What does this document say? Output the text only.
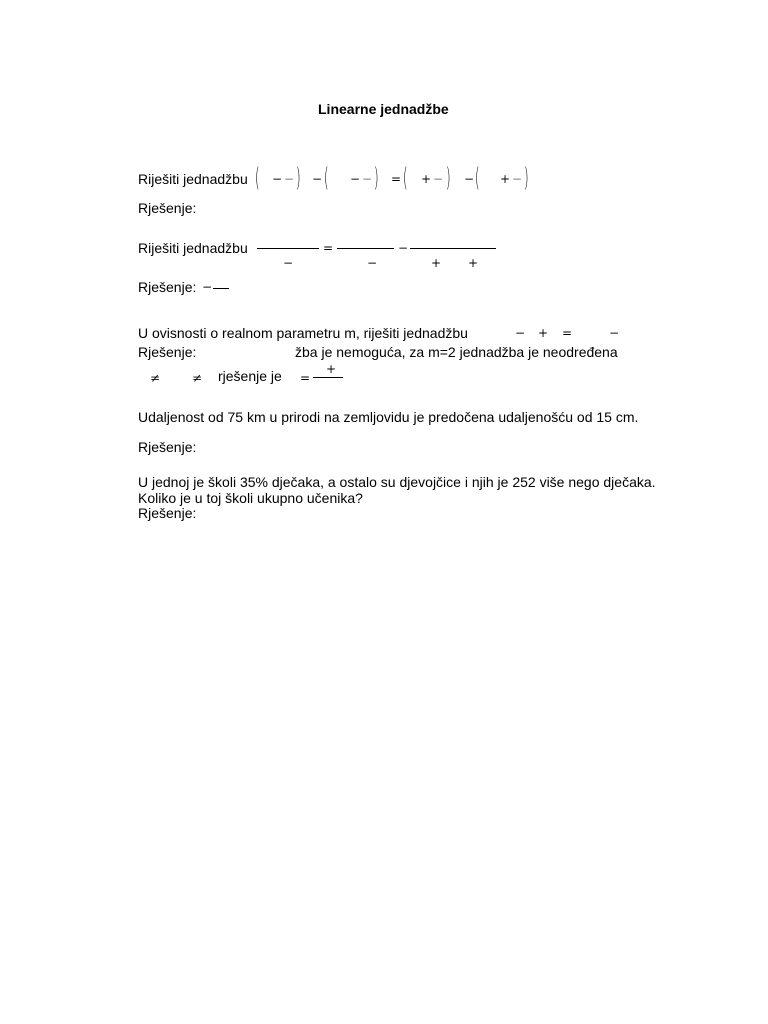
Linearne jednadžbe
Riješiti jednadžbu ( − − ) − ( − − ) = ( + − ) − ( + − )
Rješenje:
Riješiti jednadžbu	=	−
−	−	+ +
Rješenje: −
U ovisnosti o realnom parametru m, riješiti jednadžbu	− + =	−
Rješenje:	žba je nemoguća, za m=2 jednadžba je neodređena
≠	≠ rješenje je =
+
Udaljenost od 75 km u prirodi na zemljovidu je predočena udaljenošću od 15 cm.
Rješenje:
U jednoj je školi 35% dječaka, a ostalo su djevojčice i njih je 252 više nego dječaka.
Koliko je u toj školi ukupno učenika?
Rješenje:
